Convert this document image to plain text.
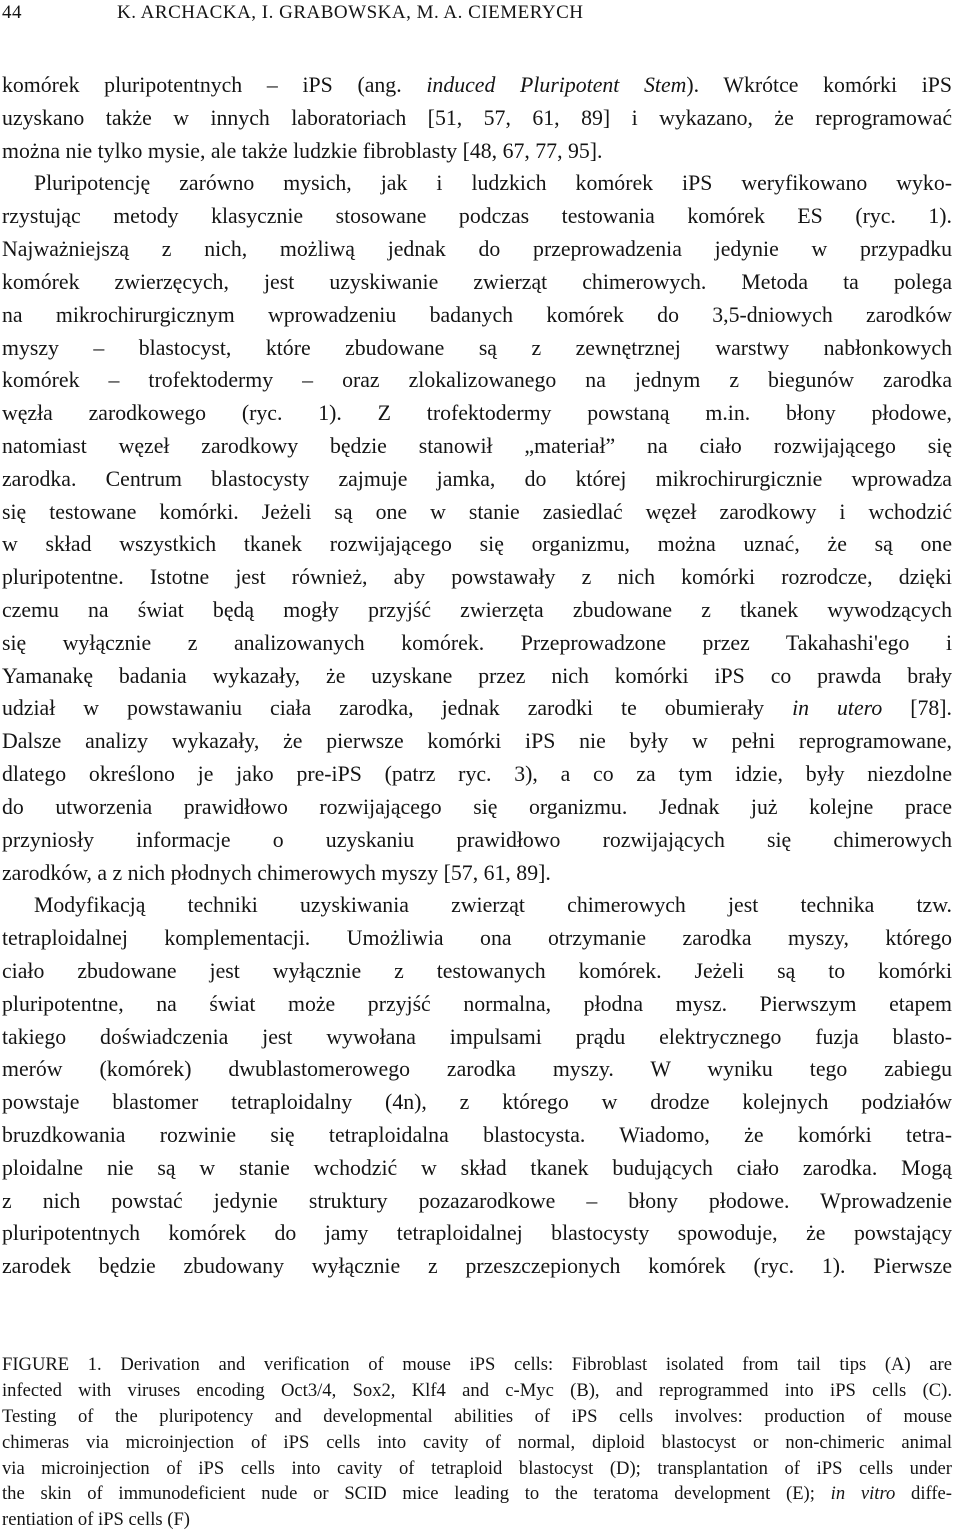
44	K. ARCHACKA, I. GRABOWSKA, M. A. CIEMERYCH
komórek pluripotentnych – iPS (ang. induced Pluripotent Stem). Wkrótce komórki iPS
uzyskano także w innych laboratoriach [51, 57, 61, 89] i wykazano, że reprogramować
można nie tylko mysie, ale także ludzkie fibroblasty [48, 67, 77, 95].
Pluripotencję zarówno mysich, jak i ludzkich komórek iPS weryfikowano wyko-
rzystując metody klasycznie stosowane podczas testowania komórek ES (ryc. 1).
Najważniejszą z nich, możliwą jednak do przeprowadzenia jedynie w przypadku
komórek zwierzęcych, jest uzyskiwanie zwierząt chimerowych. Metoda ta polega
na mikrochirurgicznym wprowadzeniu badanych komórek do 3,5-dniowych zarodków
myszy – blastocyst, które zbudowane są z zewnętrznej warstwy nabłonkowych
komórek – trofektodermy – oraz zlokalizowanego na jednym z biegunów zarodka
węzła zarodkowego (ryc. 1). Z trofektodermy powstaną m.in. błony płodowe,
natomiast węzeł zarodkowy będzie stanowił „materiał” na ciało rozwijającego się
zarodka. Centrum blastocysty zajmuje jamka, do której mikrochirurgicznie wprowadza
się testowane komórki. Jeżeli są one w stanie zasiedlać węzeł zarodkowy i wchodzić
w skład wszystkich tkanek rozwijającego się organizmu, można uznać, że są one
pluripotentne. Istotne jest również, aby powstawały z nich komórki rozrodcze, dzięki
czemu na świat będą mogły przyjść zwierzęta zbudowane z tkanek wywodzących
się wyłącznie z analizowanych komórek. Przeprowadzone przez Takahashi'ego i
Yamanakę badania wykazały, że uzyskane przez nich komórki iPS co prawda brały
udział w powstawaniu ciała zarodka, jednak zarodki te obumierały in utero [78].
Dalsze analizy wykazały, że pierwsze komórki iPS nie były w pełni reprogramowane,
dlatego określono je jako pre-iPS (patrz ryc. 3), a co za tym idzie, były niezdolne
do utworzenia prawidłowo rozwijającego się organizmu. Jednak już kolejne prace
przyniosły informacje o uzyskaniu prawidłowo rozwijających się chimerowych
zarodków, a z nich płodnych chimerowych myszy [57, 61, 89].
Modyfikacją techniki uzyskiwania zwierząt chimerowych jest technika tzw.
tetraploidalnej komplementacji. Umożliwia ona otrzymanie zarodka myszy, którego
ciało zbudowane jest wyłącznie z testowanych komórek. Jeżeli są to komórki
pluripotentne, na świat może przyjść normalna, płodna mysz. Pierwszym etapem
takiego doświadczenia jest wywołana impulsami prądu elektrycznego fuzja blasto-
merów (komórek) dwublastomerowego zarodka myszy. W wyniku tego zabiegu
powstaje blastomer tetraploidalny (4n), z którego w drodze kolejnych podziałów
bruzdkowania rozwinie się tetraploidalna blastocysta. Wiadomo, że komórki tetra-
ploidalne nie są w stanie wchodzić w skład tkanek budujących ciało zarodka. Mogą
z nich powstać jedynie struktury pozazarodkowe – błony płodowe. Wprowadzenie
pluripotentnych komórek do jamy tetraploidalnej blastocysty spowoduje, że powstający
zarodek będzie zbudowany wyłącznie z przeszczepionych komórek (ryc. 1). Pierwsze
FIGURE 1. Derivation and verification of mouse iPS cells: Fibroblast isolated from tail tips (A) are
infected with viruses encoding Oct3/4, Sox2, Klf4 and c-Myc (B), and reprogrammed into iPS cells (C).
Testing of the pluripotency and developmental abilities of iPS cells involves: production of mouse
chimeras via microinjection of iPS cells into cavity of normal, diploid blastocyst or non-chimeric animal
via microinjection of iPS cells into cavity of tetraploid blastocyst (D); transplantation of iPS cells under
the skin of immunodeficient nude or SCID mice leading to the teratoma development (E); in vitro diffe-
rentiation of iPS cells (F)
